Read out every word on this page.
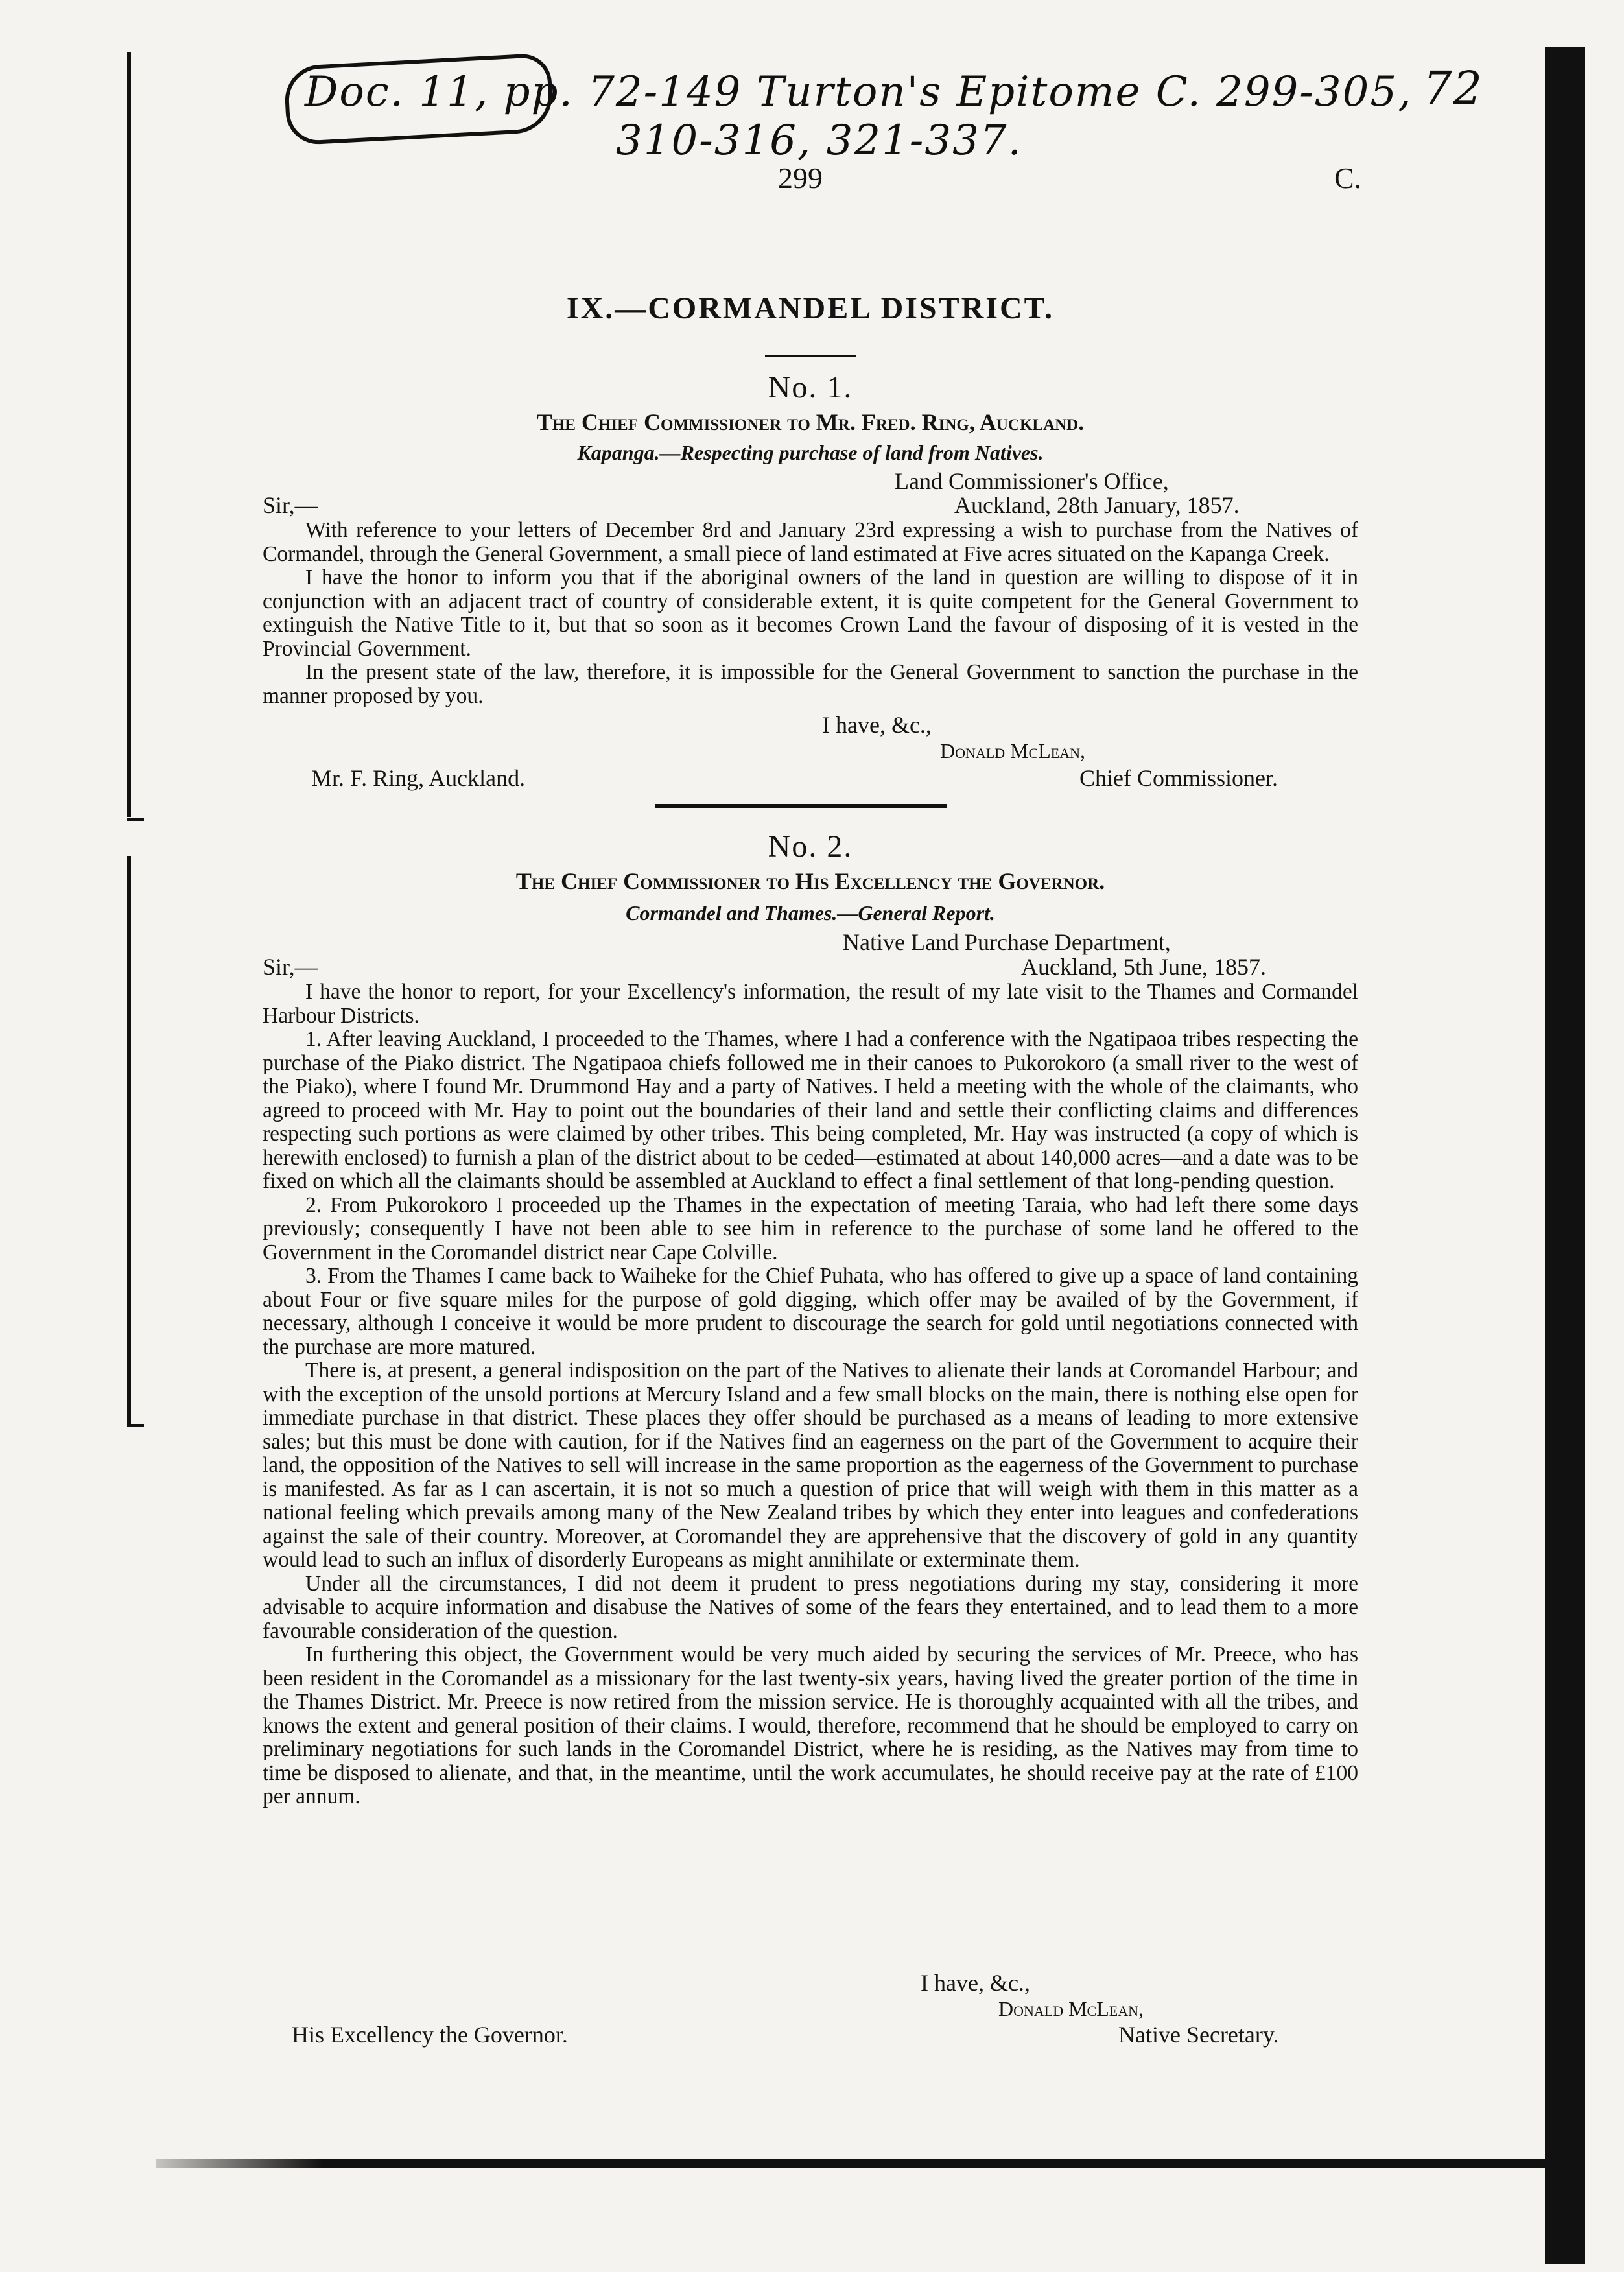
Doc. 11, pp. 72-149 Turton's Epitome C. 299-305,
310-316, 321-337.
72
299	C.
IX.—CORMANDEL DISTRICT.
No. 1.
The Chief Commissioner to Mr. Fred. Ring, Auckland.
Kapanga.—Respecting purchase of land from Natives.
Land Commissioner's Office,
Sir,—	Auckland, 28th January, 1857.

With reference to your letters of December 8rd and January 23rd expressing a wish to purchase from the Natives of Cormandel, through the General Government, a small piece of land estimated at Five acres situated on the Kapanga Creek.

I have the honor to inform you that if the aboriginal owners of the land in question are willing to dispose of it in conjunction with an adjacent tract of country of considerable extent, it is quite competent for the General Government to extinguish the Native Title to it, but that so soon as it becomes Crown Land the favour of disposing of it is vested in the Provincial Government.

In the present state of the law, therefore, it is impossible for the General Government to sanction the purchase in the manner proposed by you.

I have, &c.,
Donald McLean,
Mr. F. Ring, Auckland.	Chief Commissioner.
No. 2.
The Chief Commissioner to His Excellency the Governor.
Cormandel and Thames.—General Report.
Native Land Purchase Department,
Sir,—	Auckland, 5th June, 1857.

I have the honor to report, for your Excellency's information, the result of my late visit to the Thames and Cormandel Harbour Districts.

1. After leaving Auckland, I proceeded to the Thames, where I had a conference with the Ngatipaoa tribes respecting the purchase of the Piako district. The Ngatipaoa chiefs followed me in their canoes to Pukorokoro (a small river to the west of the Piako), where I found Mr. Drummond Hay and a party of Natives. I held a meeting with the whole of the claimants, who agreed to proceed with Mr. Hay to point out the boundaries of their land and settle their conflicting claims and differences respecting such portions as were claimed by other tribes. This being completed, Mr. Hay was instructed (a copy of which is herewith enclosed) to furnish a plan of the district about to be ceded—estimated at about 140,000 acres—and a date was to be fixed on which all the claimants should be assembled at Auckland to effect a final settlement of that long-pending question.

2. From Pukorokoro I proceeded up the Thames in the expectation of meeting Taraia, who had left there some days previously; consequently I have not been able to see him in reference to the purchase of some land he offered to the Government in the Coromandel district near Cape Colville.

3. From the Thames I came back to Waiheke for the Chief Puhata, who has offered to give up a space of land containing about Four or five square miles for the purpose of gold digging, which offer may be availed of by the Government, if necessary, although I conceive it would be more prudent to discourage the search for gold until negotiations connected with the purchase are more matured.

There is, at present, a general indisposition on the part of the Natives to alienate their lands at Coromandel Harbour; and with the exception of the unsold portions at Mercury Island and a few small blocks on the main, there is nothing else open for immediate purchase in that district. These places they offer should be purchased as a means of leading to more extensive sales; but this must be done with caution, for if the Natives find an eagerness on the part of the Government to acquire their land, the opposition of the Natives to sell will increase in the same proportion as the eagerness of the Government to purchase is manifested. As far as I can ascertain, it is not so much a question of price that will weigh with them in this matter as a national feeling which prevails among many of the New Zealand tribes by which they enter into leagues and confederations against the sale of their country. Moreover, at Coromandel they are apprehensive that the discovery of gold in any quantity would lead to such an influx of disorderly Europeans as might annihilate or exterminate them.

Under all the circumstances, I did not deem it prudent to press negotiations during my stay, considering it more advisable to acquire information and disabuse the Natives of some of the fears they entertained, and to lead them to a more favourable consideration of the question.

In furthering this object, the Government would be very much aided by securing the services of Mr. Preece, who has been resident in the Coromandel as a missionary for the last twenty-six years, having lived the greater portion of the time in the Thames District. Mr. Preece is now retired from the mission service. He is thoroughly acquainted with all the tribes, and knows the extent and general position of their claims. I would, therefore, recommend that he should be employed to carry on preliminary negotiations for such lands in the Coromandel District, where he is residing, as the Natives may from time to time be disposed to alienate, and that, in the meantime, until the work accumulates, he should receive pay at the rate of £100 per annum.

I have, &c.,
Donald McLean,
His Excellency the Governor.	Native Secretary.
